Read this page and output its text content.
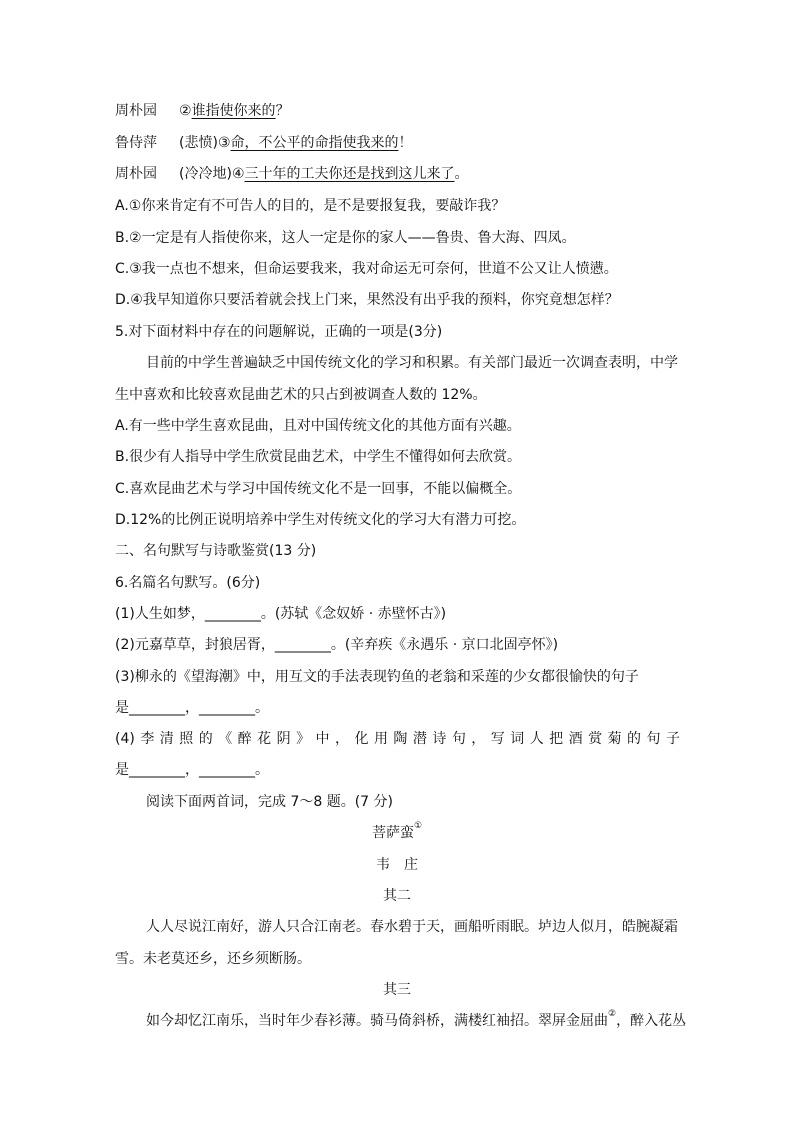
周朴园 ②谁指使你来的？
鲁侍萍 (悲愤)③命，不公平的命指使我来的！
周朴园 (冷冷地)④三十年的工夫你还是找到这儿来了。
A.①你来肯定有不可告人的目的，是不是要报复我，要敲诈我？
B.②一定是有人指使你来，这人一定是你的家人——鲁贵、鲁大海、四凤。
C.③我一点也不想来，但命运要我来，我对命运无可奈何，世道不公又让人愤懑。
D.④我早知道你只要活着就会找上门来，果然没有出乎我的预料，你究竟想怎样？
5.对下面材料中存在的问题解说，正确的一项是(3分)
目前的中学生普遍缺乏中国传统文化的学习和积累。有关部门最近一次调查表明，中学
生中喜欢和比较喜欢昆曲艺术的只占到被调查人数的 12%。
A.有一些中学生喜欢昆曲，且对中国传统文化的其他方面有兴趣。
B.很少有人指导中学生欣赏昆曲艺术，中学生不懂得如何去欣赏。
C.喜欢昆曲艺术与学习中国传统文化不是一回事，不能以偏概全。
D.12%的比例正说明培养中学生对传统文化的学习大有潜力可挖。
二、名句默写与诗歌鉴赏(13 分)
6.名篇名句默写。(6分)
(1)人生如梦，________。(苏轼《念奴娇 · 赤壁怀古》)
(2)元嘉草草，封狼居胥，________。(辛弃疾《永遇乐 · 京口北固亭怀》)
(3)柳永的《望海潮》中，用互文的手法表现钓鱼的老翁和采莲的少女都很愉快的句子
是________，________。
(4) 李 清 照 的 《 醉 花 阴 》 中 ， 化 用 陶 潜 诗 句 ， 写 词 人 把 酒 赏 菊 的 句 子
是________，________。
阅读下面两首词，完成 7～8 题。(7 分)
菩萨蛮①
韦 庄
其二
人人尽说江南好，游人只合江南老。春水碧于天，画船听雨眠。垆边人似月，皓腕凝霜
雪。未老莫还乡，还乡须断肠。
其三
如今却忆江南乐，当时年少春衫薄。骑马倚斜桥，满楼红袖招。翠屏金屈曲②，醉入花丛
